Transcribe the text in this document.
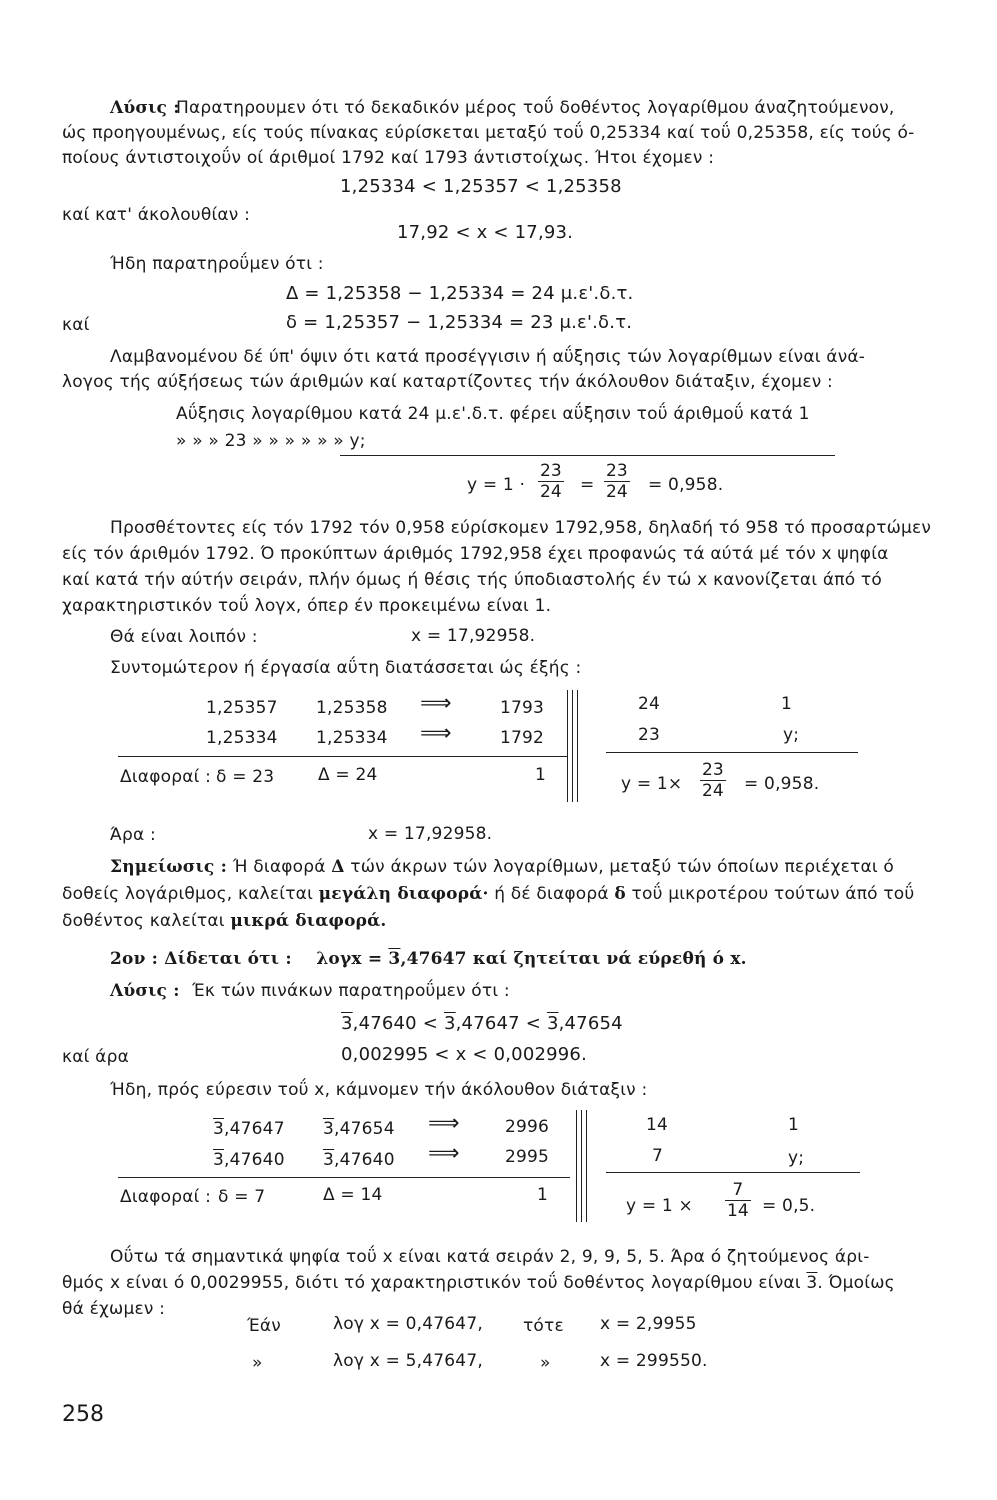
Λύσις :
Παρατηρουμεν ότι τό δεκαδικόν μέρος τοΰ δοθέντος λογαρίθμου άναζητούμενον,
ώς προηγουμένως, είς τούς πίνακας εύρίσκεται μεταξύ τοΰ 0,25334 καί τοΰ 0,25358, είς τούς ό-
ποίους άντιστοιχοΰν οί άριθμοί 1792 καί 1793 άντιστοίχως. Ήτοι έχομεν :
1,25334 < 1,25357 < 1,25358
καί κατ' άκολουθίαν :
17,92 < x < 17,93.
Ήδη παρατηροΰμεν ότι :
Δ = 1,25358 − 1,25334 = 24 μ.ε'.δ.τ.
καί	δ = 1,25357 − 1,25334 = 23 μ.ε'.δ.τ.
Λαμβανομένου δέ ύπ' όψιν ότι κατά προσέγγισιν ή αΰξησις τών λογαρίθμων είναι άνά-
λογος τής αύξήσεως τών άριθμών καί καταρτίζοντες τήν άκόλουθον διάταξιν, έχομεν :
Αΰξησις λογαρίθμου κατά 24 μ.ε'.δ.τ. φέρει αΰξησιν τοΰ άριθμοΰ κατά 1
» » » 23 » » » » » » y;
$y = 1 \cdot \frac{23}{24} = \frac{23}{24} = 0,958$.
Προσθέτοντες είς τόν 1792 τόν 0,958 εύρίσκομεν 1792,958, δηλαδή τό 958 τό προσαρτώμεν
είς τόν άριθμόν 1792. Ό προκύπτων άριθμός 1792,958 έχει προφανώς τά αύτά μέ τόν x ψηφία
καί κατά τήν αύτήν σειράν, πλήν όμως ή θέσις τής ύποδιαστολής έν τώ x κανονίζεται άπό τό
χαρακτηριστικόν τοΰ λογx, όπερ έν προκειμένω είναι 1.
Θά είναι λοιπόν :	x = 17,92958.
Συντομώτερον ή έργασία αΰτη διατάσσεται ώς έξής :
1,25357 1,25358 ⟹	1793
1,25334 1,25334 ⟹	1792
Διαφοραί : δ = 23	Δ = 24	1
24	1
23	y;
$y = 1\times \frac{23}{24} = 0,958$.
Άρα :	x = 17,92958.
Σημείωσις : Ή διαφορά Δ τών άκρων τών λογαρίθμων, μεταξύ τών όποίων περιέχεται ό
δοθείς λογάριθμος, καλείται μεγάλη διαφορά· ή δέ διαφορά δ τοΰ μικροτέρου τούτων άπό τοΰ
δοθέντος καλείται μικρά διαφορά.
2ον : Δίδεται ότι : λογx = 3,47647 καί ζητείται νά εύρεθή ό x.
Λύσις : Έκ τών πινάκων παρατηροΰμεν ότι :
3,47640 < 3,47647 < 3,47654
καί άρα	0,002995 < x < 0,002996.
Ήδη, πρός εύρεσιν τοΰ x, κάμνομεν τήν άκόλουθον διάταξιν :
3,47647 3,47654 ⟹	2996
3,47640 3,47640 ⟹	2995
Διαφοραί : δ = 7	Δ = 14	1
14	1
7	y;
$y = 1 \times \frac{7}{14} = 0,5$.
Οΰτω τά σημαντικά ψηφία τοΰ x είναι κατά σειράν 2, 9, 9, 5, 5. Άρα ό ζητούμενος άρι-
θμός x είναι ό 0,0029955, διότι τό χαρακτηριστικόν τοΰ δοθέντος λογαρίθμου είναι 3. Όμοίως
θά έχωμεν :
Έάν	λογ x = 0,47647, τότε x = 2,9955
»	λογ x = 5,47647,	»	x = 299550.
258
